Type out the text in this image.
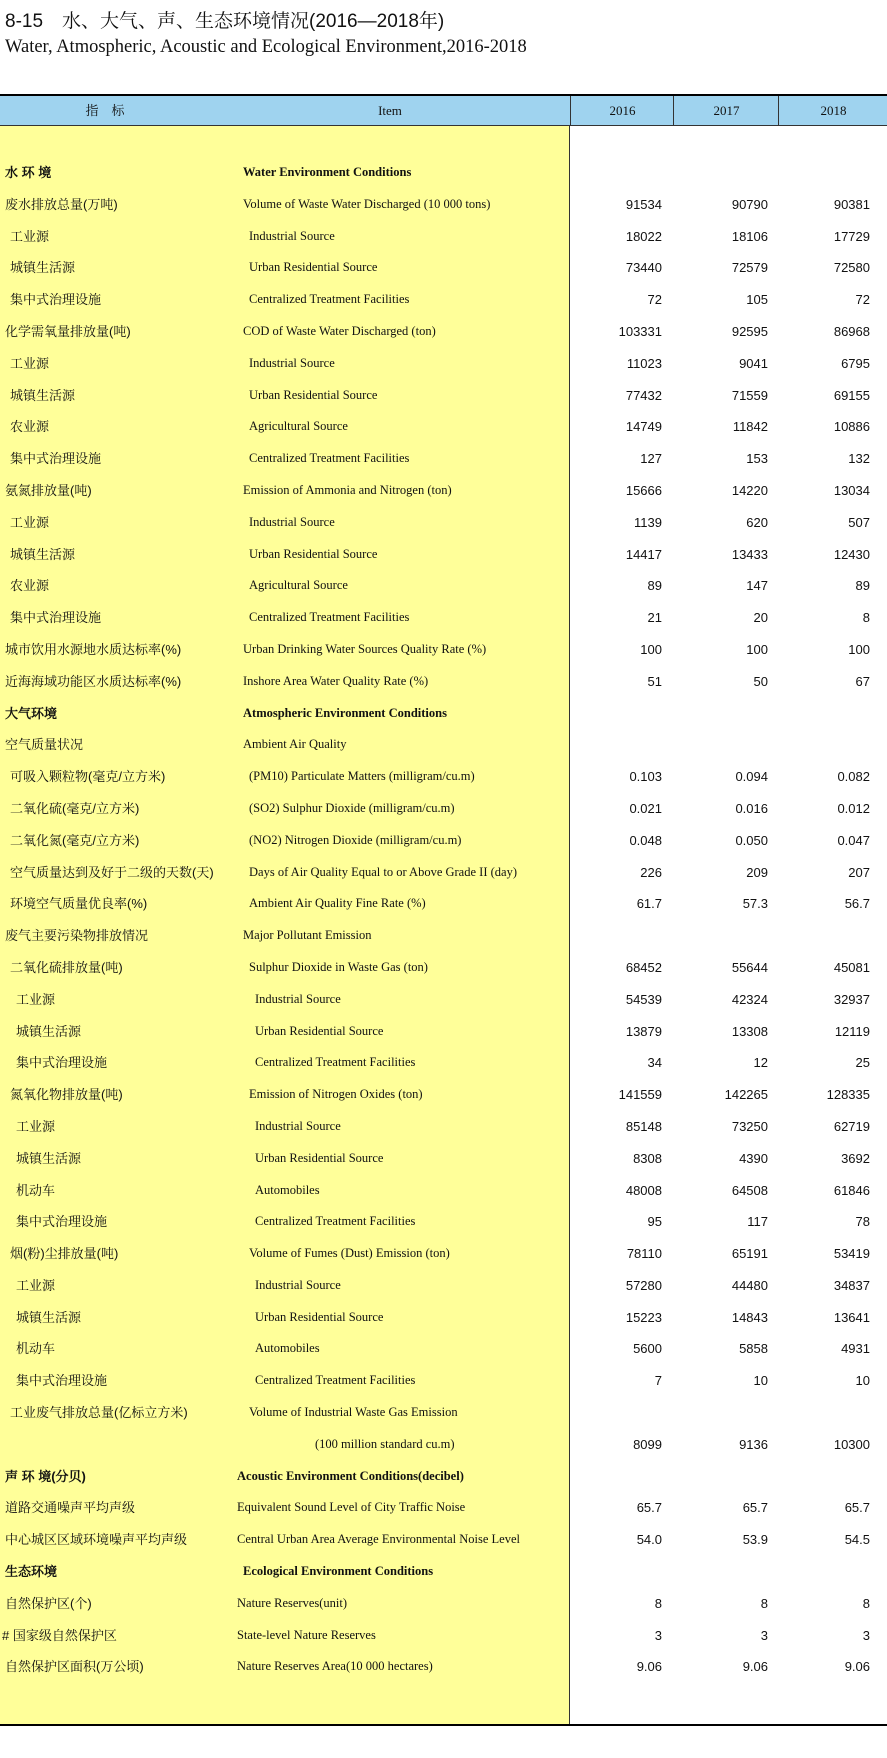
8-15　水、大气、声、生态环境情况(2016—2018年)
Water, Atmospheric, Acoustic and Ecological Environment,2016-2018
指　标	Item	2016	2017	2018
水 环 境	Water Environment Conditions
废水排放总量(万吨)	Volume of Waste Water Discharged (10 000 tons)	91534	90790	90381
工业源	Industrial Source	18022	18106	17729
城镇生活源	Urban Residential Source	73440	72579	72580
集中式治理设施	Centralized Treatment Facilities	72	105	72
化学需氧量排放量(吨)	COD of Waste Water Discharged (ton)	103331	92595	86968
工业源	Industrial Source	11023	9041	6795
城镇生活源	Urban Residential Source	77432	71559	69155
农业源	Agricultural Source	14749	11842	10886
集中式治理设施	Centralized Treatment Facilities	127	153	132
氨氮排放量(吨)	Emission of Ammonia and Nitrogen (ton)	15666	14220	13034
工业源	Industrial Source	1139	620	507
城镇生活源	Urban Residential Source	14417	13433	12430
农业源	Agricultural Source	89	147	89
集中式治理设施	Centralized Treatment Facilities	21	20	8
城市饮用水源地水质达标率(%)	Urban Drinking Water Sources Quality Rate (%)	100	100	100
近海海域功能区水质达标率(%)	Inshore Area Water Quality Rate (%)	51	50	67
大气环境	Atmospheric Environment Conditions
空气质量状况	Ambient Air Quality
可吸入颗粒物(毫克/立方米)	(PM10) Particulate Matters (milligram/cu.m)	0.103	0.094	0.082
二氧化硫(毫克/立方米)	(SO2) Sulphur Dioxide (milligram/cu.m)	0.021	0.016	0.012
二氧化氮(毫克/立方米)	(NO2) Nitrogen Dioxide (milligram/cu.m)	0.048	0.050	0.047
空气质量达到及好于二级的天数(天)	Days of Air Quality Equal to or Above Grade II (day)	226	209	207
环境空气质量优良率(%)	Ambient Air Quality Fine Rate (%)	61.7	57.3	56.7
废气主要污染物排放情况	Major Pollutant Emission
二氧化硫排放量(吨)	Sulphur Dioxide in Waste Gas (ton)	68452	55644	45081
工业源	Industrial Source	54539	42324	32937
城镇生活源	Urban Residential Source	13879	13308	12119
集中式治理设施	Centralized Treatment Facilities	34	12	25
氮氧化物排放量(吨)	Emission of Nitrogen Oxides (ton)	141559	142265	128335
工业源	Industrial Source	85148	73250	62719
城镇生活源	Urban Residential Source	8308	4390	3692
机动车	Automobiles	48008	64508	61846
集中式治理设施	Centralized Treatment Facilities	95	117	78
烟(粉)尘排放量(吨)	Volume of Fumes (Dust) Emission (ton)	78110	65191	53419
工业源	Industrial Source	57280	44480	34837
城镇生活源	Urban Residential Source	15223	14843	13641
机动车	Automobiles	5600	5858	4931
集中式治理设施	Centralized Treatment Facilities	7	10	10
工业废气排放总量(亿标立方米)	Volume of Industrial Waste Gas Emission
(100 million standard cu.m)	8099	9136	10300
声 环 境(分贝)	Acoustic Environment Conditions(decibel)
道路交通噪声平均声级	Equivalent Sound Level of City Traffic Noise	65.7	65.7	65.7
中心城区区域环境噪声平均声级	Central Urban Area Average Environmental Noise Level	54.0	53.9	54.5
生态环境	Ecological Environment Conditions
自然保护区(个)	Nature Reserves(unit)	8	8	8
# 国家级自然保护区	State-level Nature Reserves	3	3	3
自然保护区面积(万公顷)	Nature Reserves Area(10 000 hectares)	9.06	9.06	9.06
